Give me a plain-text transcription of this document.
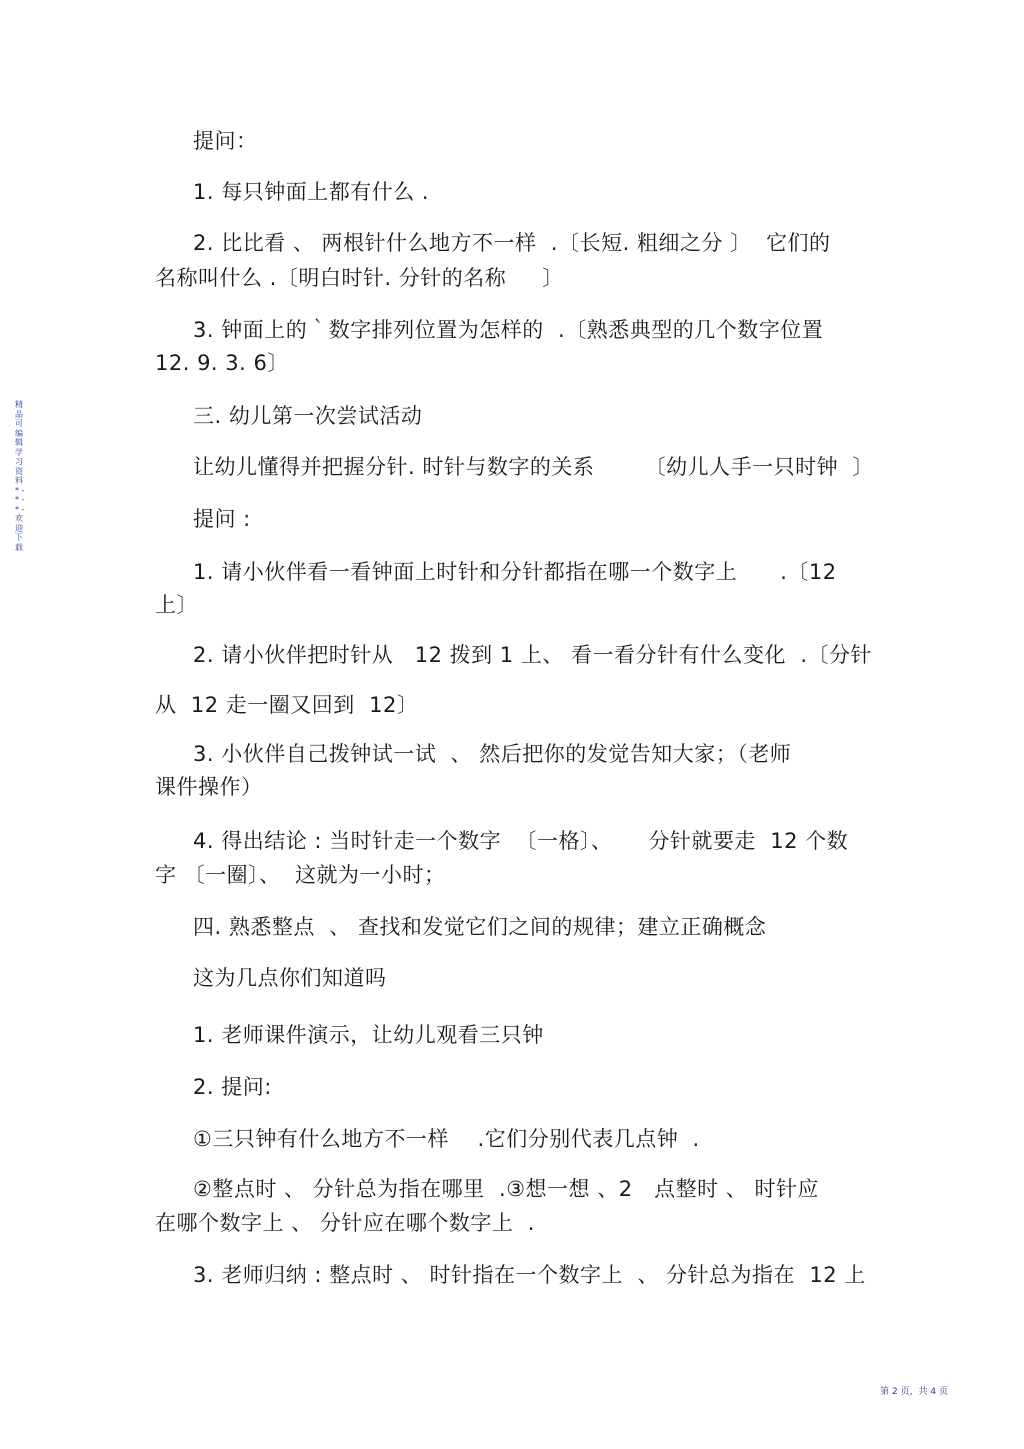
精品可编辑学习资料 * - * - * - 欢迎下载
提问：
1. 每只钟面上都有什么 .
2. 比比看 、 两根针什么地方不一样  .〔长短. 粗细之分 〕  它们的
名称叫什么 .〔明白时针. 分针的名称     〕
3. 钟面上的｀数字排列位置为怎样的  .〔熟悉典型的几个数字位置
12. 9. 3. 6〕
三. 幼儿第一次尝试活动
让幼儿懂得并把握分针. 时针与数字的关系       〔幼儿人手一只时钟  〕
提问 :
1. 请小伙伴看一看钟面上时针和分针都指在哪一个数字上      .〔12
上〕
2. 请小伙伴把时针从   12 拨到 1 上、 看一看分针有什么变化  .〔分针
从  12 走一圈又回到  12〕
3. 小伙伴自己拨钟试一试  、 然后把你的发觉告知大家；（老师
课件操作）
4. 得出结论 : 当时针走一个数字  〔一格〕、     分针就要走  12 个数
字 〔一圈〕、  这就为一小时；
四. 熟悉整点  、 查找和发觉它们之间的规律；建立正确概念
这为几点你们知道吗
1. 老师课件演示，让幼儿观看三只钟
2. 提问:
①三只钟有什么地方不一样    .它们分别代表几点钟  .
②整点时 、 分针总为指在哪里  .③想一想 、2   点整时 、 时针应
在哪个数字上 、 分针应在哪个数字上  .
3. 老师归纳 : 整点时 、 时针指在一个数字上  、 分针总为指在  12 上
第 2 页，共 4 页
